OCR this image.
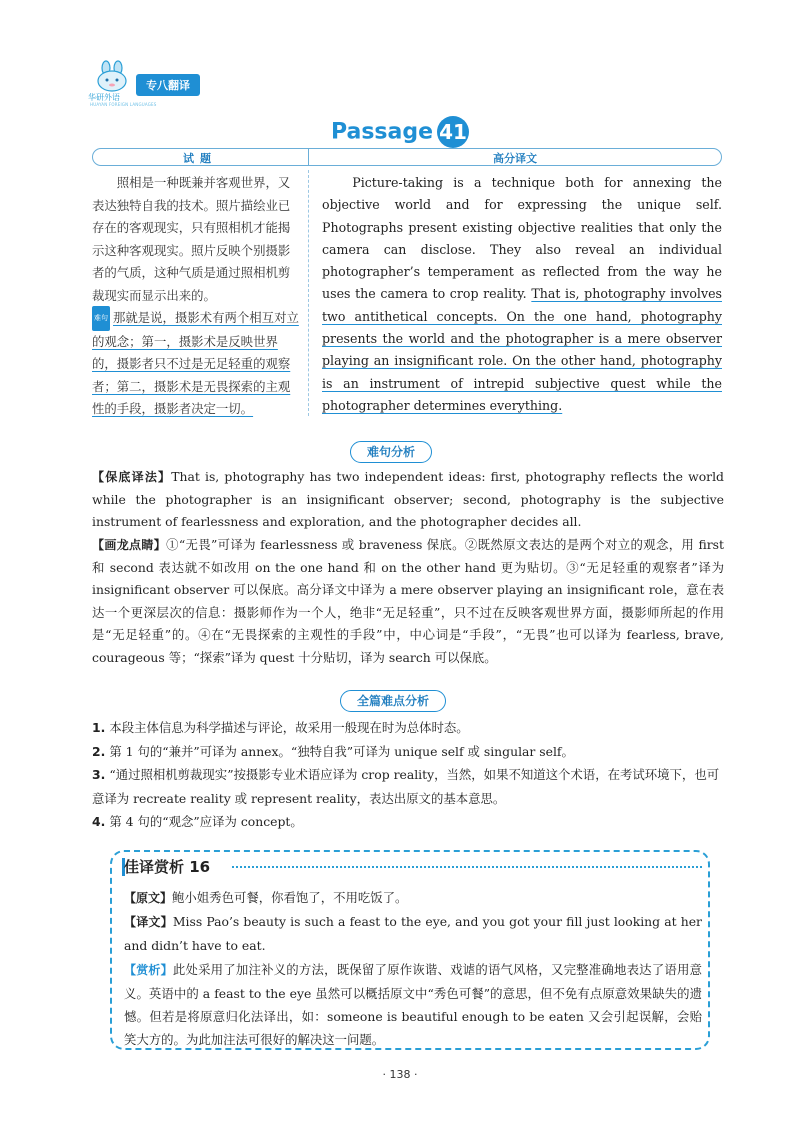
华研外语
HUAYAN FOREIGN LANGUAGES
专八翻译
Passage 41
试题	高分译文

照相是一种既兼并客观世界，又表达独特自我的技术。照片描绘业已存在的客观现实，只有照相机才能揭示这种客观现实。照片反映个别摄影者的气质，这种气质是通过照相机剪裁现实而显示出来的。

难句 那就是说，摄影术有两个相互对立的观念；第一，摄影术是反映世界的，摄影者只不过是无足轻重的观察者；第二，摄影术是无畏探索的主观性的手段，摄影者决定一切。

Picture-taking is a technique both for annexing the objective world and for expressing the unique self. Photographs present existing objective realities that only the camera can disclose. They also reveal an individual photographer’s temperament as reflected from the way he uses the camera to crop reality. That is, photography involves two antithetical concepts. On the one hand, photography presents the world and the photographer is a mere observer playing an insignificant role. On the other hand, photography is an instrument of intrepid subjective quest while the photographer determines everything.

难句分析
【保底译法】That is, photography has two independent ideas: first, photography reflects the world while the photographer is an insignificant observer; second, photography is the subjective instrument of fearlessness and exploration, and the photographer decides all.
【画龙点睛】①“无畏”可译为 fearlessness 或 braveness 保底。②既然原文表达的是两个对立的观念，用 first 和 second 表达就不如改用 on the one hand 和 on the other hand 更为贴切。③“无足轻重的观察者”译为 insignificant observer 可以保底。高分译文中译为 a mere observer playing an insignificant role，意在表达一个更深层次的信息：摄影师作为一个人，绝非“无足轻重”，只不过在反映客观世界方面，摄影师所起的作用是“无足轻重”的。④在“无畏探索的主观性的手段”中，中心词是“手段”，“无畏”也可以译为 fearless, brave, courageous 等；“探索”译为 quest 十分贴切，译为 search 可以保底。
全篇难点分析
1. 本段主体信息为科学描述与评论，故采用一般现在时为总体时态。
2. 第 1 句的“兼并”可译为 annex。“独特自我”可译为 unique self 或 singular self。
3. “通过照相机剪裁现实”按摄影专业术语应译为 crop reality，当然，如果不知道这个术语，在考试环境下，也可意译为 recreate reality 或 represent reality，表达出原文的基本意思。
4. 第 4 句的“观念”应译为 concept。
佳译赏析 16
【原文】鲍小姐秀色可餐，你看饱了，不用吃饭了。
【译文】Miss Pao’s beauty is such a feast to the eye, and you got your fill just looking at her and didn’t have to eat.
【赏析】此处采用了加注补义的方法，既保留了原作诙谐、戏谑的语气风格，又完整准确地表达了语用意义。英语中的 a feast to the eye 虽然可以概括原文中“秀色可餐”的意思，但不免有点原意效果缺失的遗憾。但若是将原意归化法译出，如：someone is beautiful enough to be eaten 又会引起误解，会贻笑大方的。为此加注法可很好的解决这一问题。
· 138 ·
